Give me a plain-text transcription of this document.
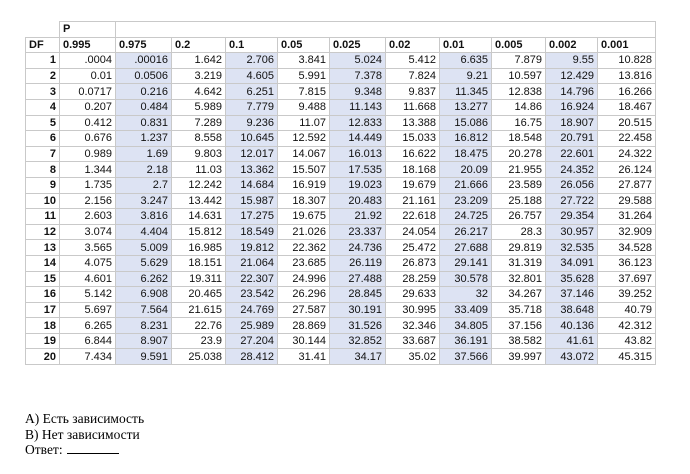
	P										
DF	0.995	0.975	0.2	0.1	0.05	0.025	0.02	0.01	0.005	0.002	0.001
1	.0004	.00016	1.642	2.706	3.841	5.024	5.412	6.635	7.879	9.55	10.828
2	0.01	0.0506	3.219	4.605	5.991	7.378	7.824	9.21	10.597	12.429	13.816
3	0.0717	0.216	4.642	6.251	7.815	9.348	9.837	11.345	12.838	14.796	16.266
4	0.207	0.484	5.989	7.779	9.488	11.143	11.668	13.277	14.86	16.924	18.467
5	0.412	0.831	7.289	9.236	11.07	12.833	13.388	15.086	16.75	18.907	20.515
6	0.676	1.237	8.558	10.645	12.592	14.449	15.033	16.812	18.548	20.791	22.458
7	0.989	1.69	9.803	12.017	14.067	16.013	16.622	18.475	20.278	22.601	24.322
8	1.344	2.18	11.03	13.362	15.507	17.535	18.168	20.09	21.955	24.352	26.124
9	1.735	2.7	12.242	14.684	16.919	19.023	19.679	21.666	23.589	26.056	27.877
10	2.156	3.247	13.442	15.987	18.307	20.483	21.161	23.209	25.188	27.722	29.588
11	2.603	3.816	14.631	17.275	19.675	21.92	22.618	24.725	26.757	29.354	31.264
12	3.074	4.404	15.812	18.549	21.026	23.337	24.054	26.217	28.3	30.957	32.909
13	3.565	5.009	16.985	19.812	22.362	24.736	25.472	27.688	29.819	32.535	34.528
14	4.075	5.629	18.151	21.064	23.685	26.119	26.873	29.141	31.319	34.091	36.123
15	4.601	6.262	19.311	22.307	24.996	27.488	28.259	30.578	32.801	35.628	37.697
16	5.142	6.908	20.465	23.542	26.296	28.845	29.633	32	34.267	37.146	39.252
17	5.697	7.564	21.615	24.769	27.587	30.191	30.995	33.409	35.718	38.648	40.79
18	6.265	8.231	22.76	25.989	28.869	31.526	32.346	34.805	37.156	40.136	42.312
19	6.844	8.907	23.9	27.204	30.144	32.852	33.687	36.191	38.582	41.61	43.82
20	7.434	9.591	25.038	28.412	31.41	34.17	35.02	37.566	39.997	43.072	45.315
А) Есть зависимость
В) Нет зависимости
Ответ:
